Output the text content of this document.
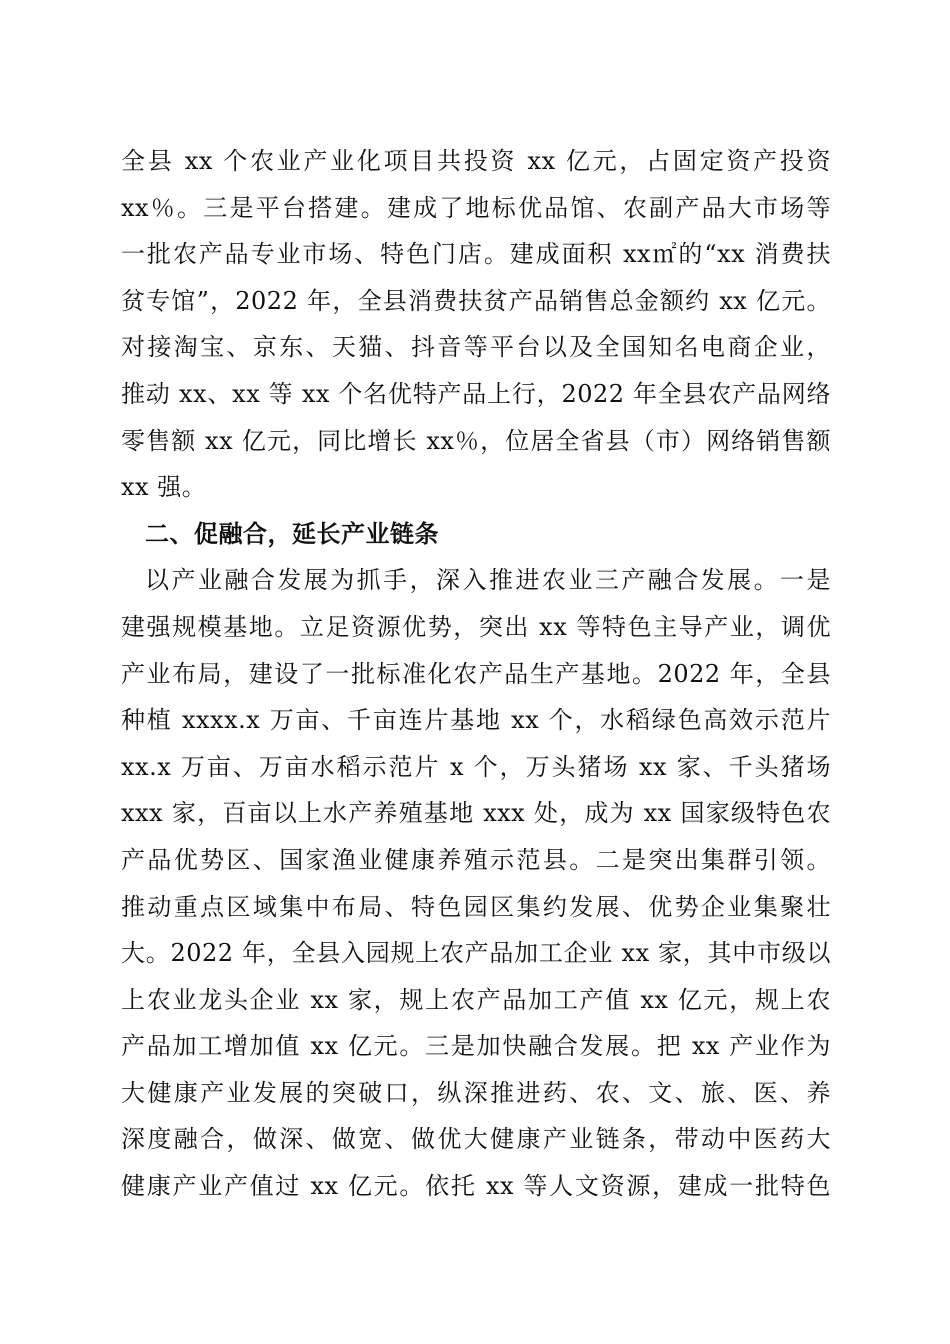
全县 xx 个农业产业化项目共投资 xx 亿元，占固定资产投资
xx％。三是平台搭建。建成了地标优品馆、农副产品大市场等
一批农产品专业市场、特色门店。建成面积 xx㎡的“xx 消费扶
贫专馆”，2022 年，全县消费扶贫产品销售总金额约 xx 亿元。
对接淘宝、京东、天猫、抖音等平台以及全国知名电商企业，
推动 xx、xx 等 xx 个名优特产品上行，2022 年全县农产品网络
零售额 xx 亿元，同比增长 xx％，位居全省县（市）网络销售额
xx 强。
二、促融合，延长产业链条
以产业融合发展为抓手，深入推进农业三产融合发展。一是
建强规模基地。立足资源优势，突出 xx 等特色主导产业，调优
产业布局，建设了一批标准化农产品生产基地。2022 年，全县
种植 xxxx.x 万亩、千亩连片基地 xx 个，水稻绿色高效示范片
xx.x 万亩、万亩水稻示范片 x 个，万头猪场 xx 家、千头猪场
xxx 家，百亩以上水产养殖基地 xxx 处，成为 xx 国家级特色农
产品优势区、国家渔业健康养殖示范县。二是突出集群引领。
推动重点区域集中布局、特色园区集约发展、优势企业集聚壮
大。2022 年，全县入园规上农产品加工企业 xx 家，其中市级以
上农业龙头企业 xx 家，规上农产品加工产值 xx 亿元，规上农
产品加工增加值 xx 亿元。三是加快融合发展。把 xx 产业作为
大健康产业发展的突破口，纵深推进药、农、文、旅、医、养
深度融合，做深、做宽、做优大健康产业链条，带动中医药大
健康产业产值过 xx 亿元。依托 xx 等人文资源，建成一批特色
